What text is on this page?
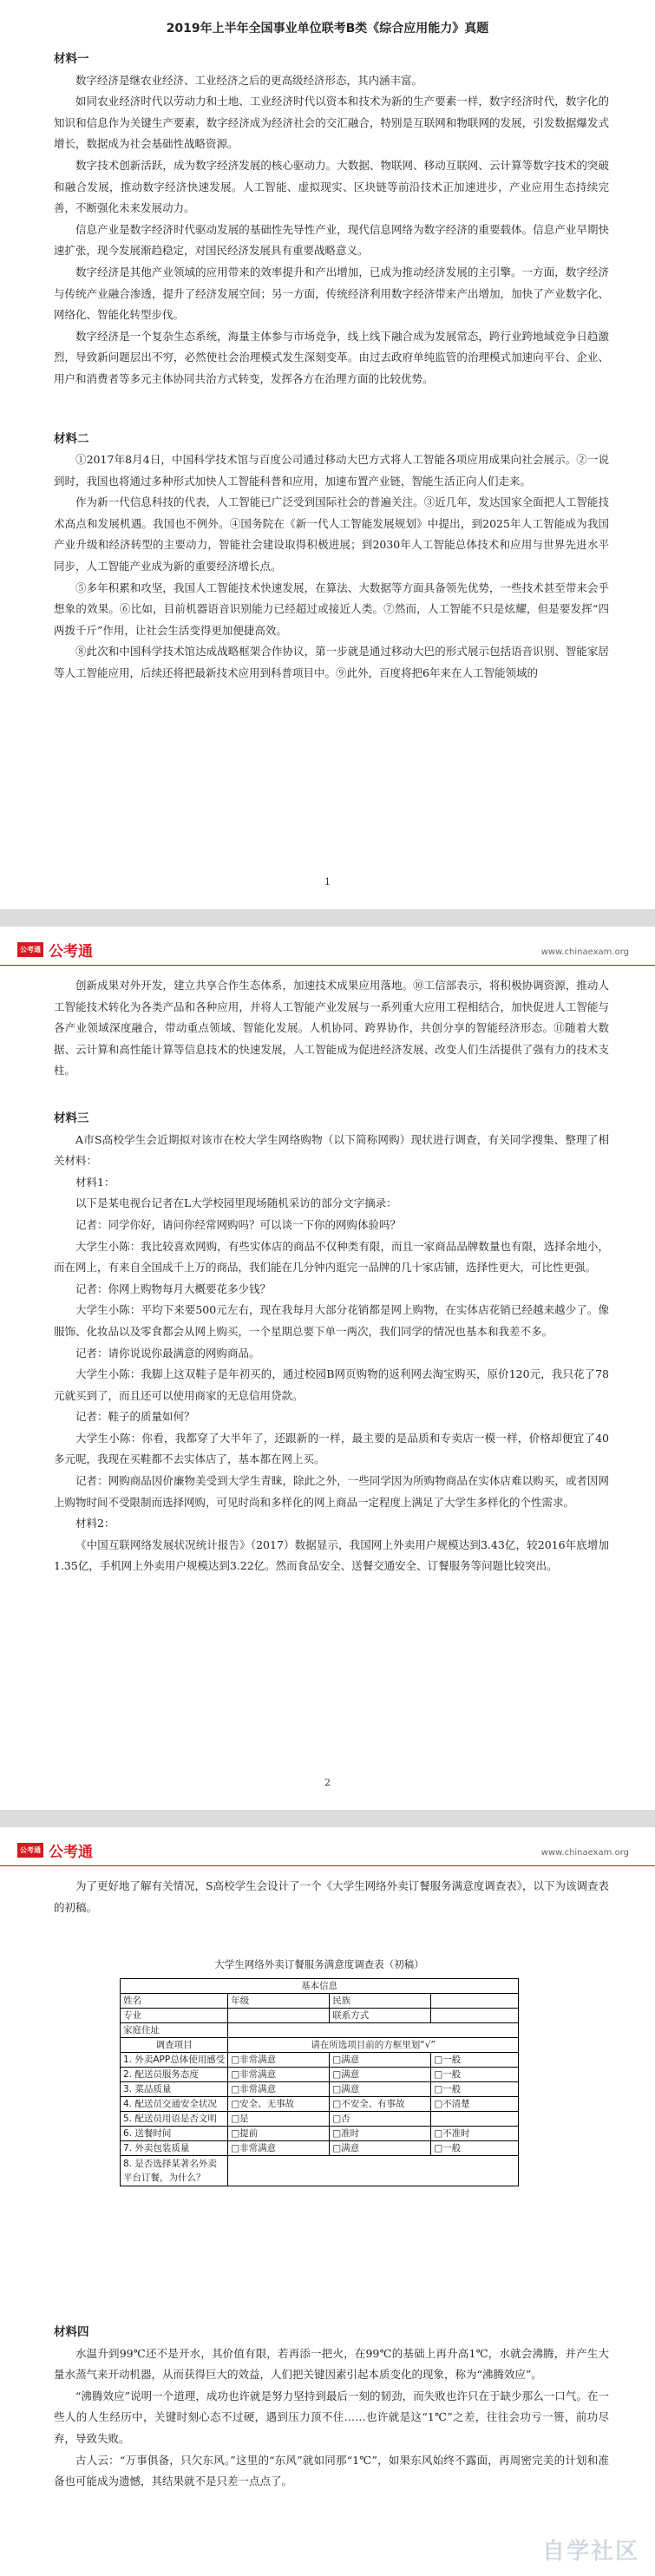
2019年上半年全国事业单位联考B类《综合应用能力》真题

材料一

数字经济是继农业经济、工业经济之后的更高级经济形态，其内涵丰富。

如同农业经济时代以劳动力和土地、工业经济时代以资本和技术为新的生产要素一样，数字经济时代，数字化的知识和信息作为关键生产要素，数字经济成为经济社会的交汇融合，特别是互联网和物联网的发展，引发数据爆发式增长，数据成为社会基础性战略资源。

数字技术创新活跃，成为数字经济发展的核心驱动力。大数据、物联网、移动互联网、云计算等数字技术的突破和融合发展，推动数字经济快速发展。人工智能、虚拟现实、区块链等前沿技术正加速进步，产业应用生态持续完善，不断强化未来发展动力。

信息产业是数字经济时代驱动发展的基础性先导性产业，现代信息网络为数字经济的重要载体。信息产业早期快速扩张，现今发展渐趋稳定，对国民经济发展具有重要战略意义。

数字经济是其他产业领域的应用带来的效率提升和产出增加，已成为推动经济发展的主引擎。一方面，数字经济与传统产业融合渗透，提升了经济发展空间；另一方面，传统经济利用数字经济带来产出增加，加快了产业数字化、网络化、智能化转型步伐。

数字经济是一个复杂生态系统，海量主体参与市场竞争，线上线下融合成为发展常态，跨行业跨地域竞争日趋激烈，导致新问题层出不穷，必然使社会治理模式发生深刻变革。由过去政府单纯监管的治理模式加速向平台、企业、用户和消费者等多元主体协同共治方式转变，发挥各方在治理方面的比较优势。

材料二

①2017年8月4日，中国科学技术馆与百度公司通过移动大巴方式将人工智能各项应用成果向社会展示。②一说到时，我国也将通过多种形式加快人工智能科普和应用，加速布置产业链，智能生活正向人们走来。

作为新一代信息科技的代表，人工智能已广泛受到国际社会的普遍关注。③近几年，发达国家全面把人工智能技术高点和发展机遇。我国也不例外。④国务院在《新一代人工智能发展规划》中提出，到2025年人工智能成为我国产业升级和经济转型的主要动力，智能社会建设取得积极进展；到2030年人工智能总体技术和应用与世界先进水平同步，人工智能产业成为新的重要经济增长点。

⑤多年积累和攻坚，我国人工智能技术快速发展，在算法、大数据等方面具备领先优势，一些技术甚至带来会乎想象的效果。⑥比如，目前机器语音识别能力已经超过或接近人类。⑦然而，人工智能不只是炫耀，但是要发挥“四两拨千斤”作用，让社会生活变得更加便捷高效。

⑧此次和中国科学技术馆达成战略框架合作协议，第一步就是通过移动大巴的形式展示包括语音识别、智能家居等人工智能应用，后续还将把最新技术应用到科普项目中。⑨此外，百度将把6年来在人工智能领域的

1
公考通 公考通	www.chinaexam.org

创新成果对外开发，建立共享合作生态体系，加速技术成果应用落地。⑩工信部表示，将积极协调资源，推动人工智能技术转化为各类产品和各种应用，并将人工智能产业发展与一系列重大应用工程相结合，加快促进人工智能与各产业领域深度融合，带动重点领域、智能化发展。人机协同、跨界协作，共创分享的智能经济形态。⑪随着大数据、云计算和高性能计算等信息技术的快速发展，人工智能成为促进经济发展、改变人们生活提供了强有力的技术支柱。

材料三

A市S高校学生会近期拟对该市在校大学生网络购物（以下简称网购）现状进行调查，有关同学搜集、整理了相关材料：

材料1：

以下是某电视台记者在L大学校园里现场随机采访的部分文字摘录：

记者：同学你好，请问你经常网购吗？可以谈一下你的网购体验吗？

大学生小陈：我比较喜欢网购，有些实体店的商品不仅种类有限，而且一家商品品牌数量也有限，选择余地小，而在网上，有来自全国成千上万的商品，我们能在几分钟内逛完一品牌的几十家店铺，选择性更大，可比性更强。

记者：你网上购物每月大概要花多少钱？

大学生小陈：平均下来要500元左右，现在我每月大部分花销都是网上购物，在实体店花销已经越来越少了。像服饰、化妆品以及零食都会从网上购买，一个星期总要下单一两次，我们同学的情况也基本和我差不多。

记者：请你说说你最满意的网购商品。

大学生小陈：我脚上这双鞋子是年初买的，通过校园B网页购物的返利网去淘宝购买，原价120元，我只花了78元就买到了，而且还可以使用商家的无息信用贷款。

记者：鞋子的质量如何？

大学生小陈：你看，我都穿了大半年了，还跟新的一样，最主要的是品质和专卖店一模一样，价格却便宜了40多元呢，我现在买鞋都不去实体店了，基本都在网上买。

记者：网购商品因价廉物美受到大学生青睐，除此之外，一些同学因为所购物商品在实体店难以购买，或者因网上购物时间不受限制而选择网购，可见时尚和多样化的网上商品一定程度上满足了大学生多样化的个性需求。

材料2：

《中国互联网络发展状况统计报告》（2017）数据显示，我国网上外卖用户规模达到3.43亿，较2016年底增加1.35亿，手机网上外卖用户规模达到3.22亿。然而食品安全、送餐交通安全、订餐服务等问题比较突出。

2
公考通 公考通	www.chinaexam.org

为了更好地了解有关情况，S高校学生会设计了一个《大学生网络外卖订餐服务满意度调查表》，以下为该调查表的初稿。

大学生网络外卖订餐服务满意度调查表（初稿）
基本信息			
姓名	年级	民族	
专业		联系方式	
家庭住址			
调查项目	请在所选项目前的方框里划“√”		
1. 外卖APP总体使用感受	□非常满意	□满意	□一般
2. 配送员服务态度	□非常满意	□满意	□一般
3. 菜品质量	□非常满意	□满意	□一般
4. 配送员交通安全状况	□安全、无事故	□不安全、有事故	□不清楚
5. 配送员用语是否文明	□是	□否	
6. 送餐时间	□提前	□准时	□不准时
7. 外卖包装质量	□非常满意	□满意	□一般
8. 是否选择某著名外卖平台订餐，为什么？			

材料四

水温升到99℃还不是开水，其价值有限，若再添一把火，在99℃的基础上再升高1℃，水就会沸腾，并产生大量水蒸气来开动机器，从而获得巨大的效益，人们把关键因素引起本质变化的现象，称为“沸腾效应”。

“沸腾效应”说明一个道理，成功也许就是努力坚持到最后一刻的韧劲，而失败也许只在于缺少那么一口气。在一些人的人生经历中，关键时刻心态不过硬，遇到压力顶不住……也许就是这“1℃”之差，往往会功亏一篑，前功尽弃，导致失败。

古人云：“万事俱备，只欠东风。”这里的“东风”就如同那“1℃”，如果东风始终不露面，再周密完美的计划和准备也可能成为遗憾，其结果就不是只差一点点了。

自学社区
